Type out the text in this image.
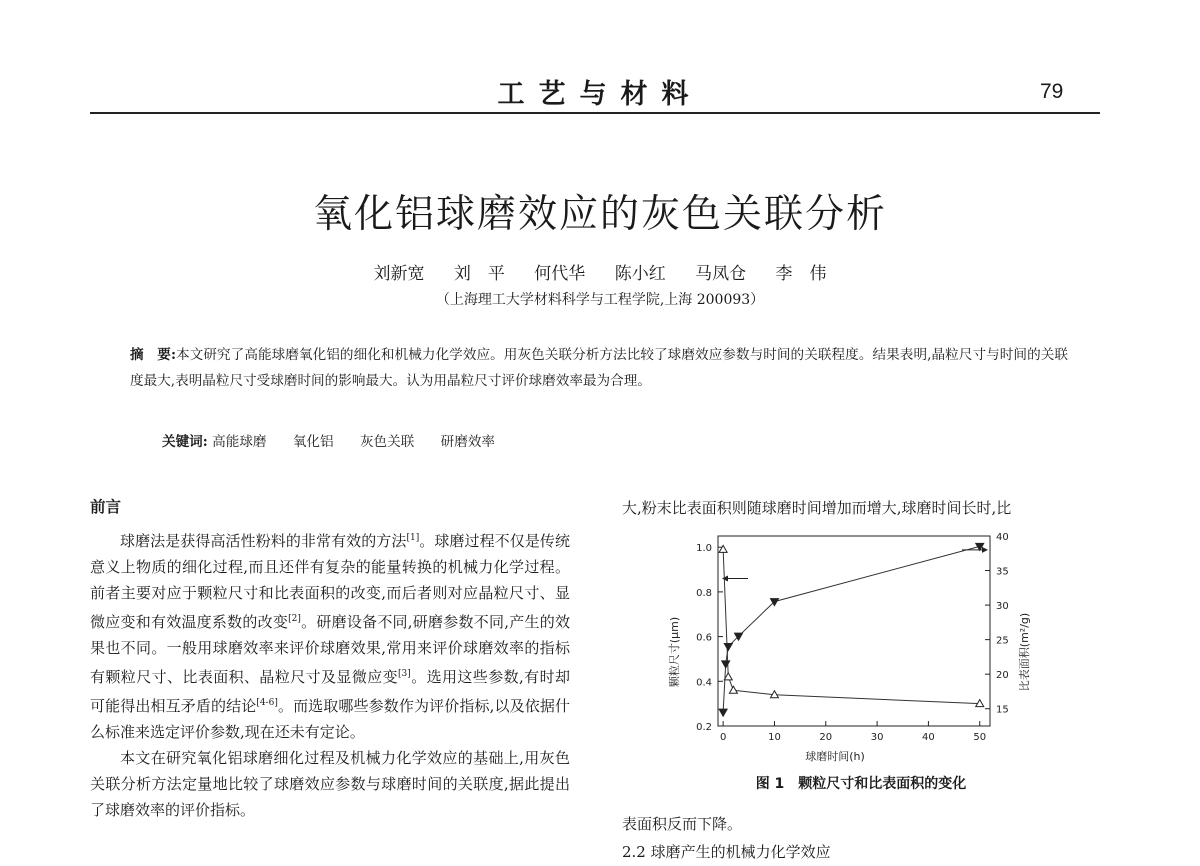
工艺与材料	79
氧化铝球磨效应的灰色关联分析
刘新宽 刘　平 何代华 陈小红 马凤仓 李　伟
（上海理工大学材料科学与工程学院,上海 200093）
摘　要:本文研究了高能球磨氧化铝的细化和机械力化学效应。用灰色关联分析方法比较了球磨效应参数与时间的关联程度。结果表明,晶粒尺寸与时间的关联度最大,表明晶粒尺寸受球磨时间的影响最大。认为用晶粒尺寸评价球磨效率最为合理。
关键词: 高能球磨 氧化铝 灰色关联 研磨效率
前言

球磨法是获得高活性粉料的非常有效的方法[1]。球磨过程不仅是传统意义上物质的细化过程,而且还伴有复杂的能量转换的机械力化学过程。前者主要对应于颗粒尺寸和比表面积的改变,而后者则对应晶粒尺寸、显微应变和有效温度系数的改变[2]。研磨设备不同,研磨参数不同,产生的效果也不同。一般用球磨效率来评价球磨效果,常用来评价球磨效率的指标有颗粒尺寸、比表面积、晶粒尺寸及显微应变[3]。选用这些参数,有时却可能得出相互矛盾的结论[4-6]。而选取哪些参数作为评价指标,以及依据什么标准来选定评价参数,现在还未有定论。

本文在研究氧化铝球磨细化过程及机械力化学效应的基础上,用灰色关联分析方法定量地比较了球磨效应参数与球磨时间的关联度,据此提出了球磨效率的评价指标。

大,粉末比表面积则随球磨时间增加而增大,球磨时间长时,比
0	10	20	30	40	50
0.2
0.4
0.6
0.8
1.0
15
20
25
30
35
40
球磨时间(h)
颗粒尺寸(μm)	比表面积(m²/g)
图 1　颗粒尺寸和比表面积的变化
表面积反而下降。
2.2 球磨产生的机械力化学效应
